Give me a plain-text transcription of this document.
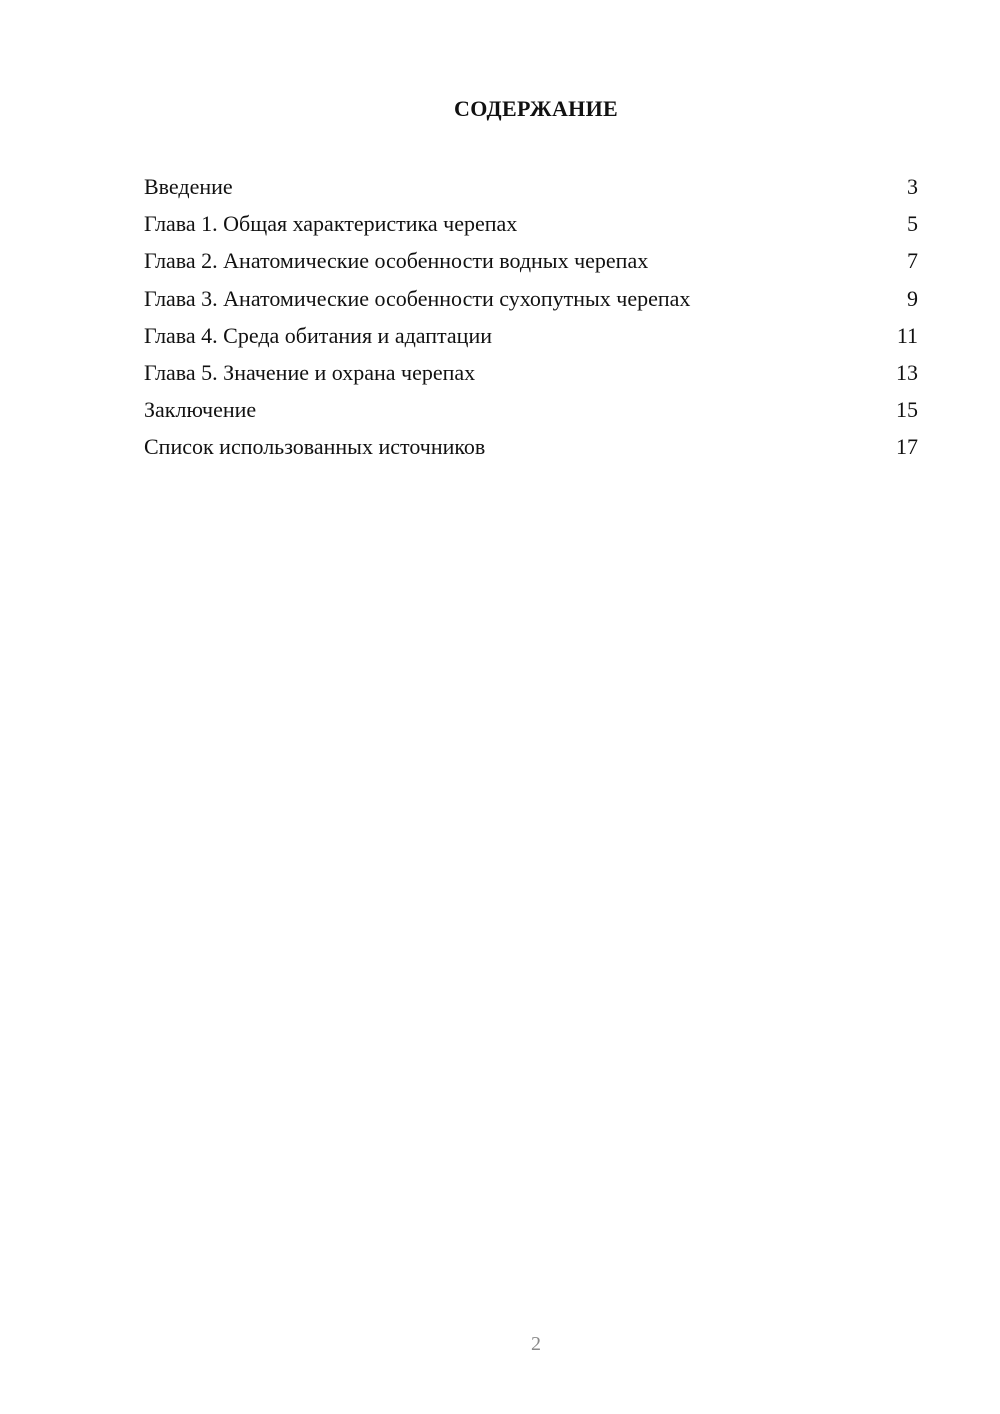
СОДЕРЖАНИЕ
Введение	3
Глава 1. Общая характеристика черепах	5
Глава 2. Анатомические особенности водных черепах	7
Глава 3. Анатомические особенности сухопутных черепах	9
Глава 4. Среда обитания и адаптации	11
Глава 5. Значение и охрана черепах	13
Заключение	15
Список использованных источников	17

2
